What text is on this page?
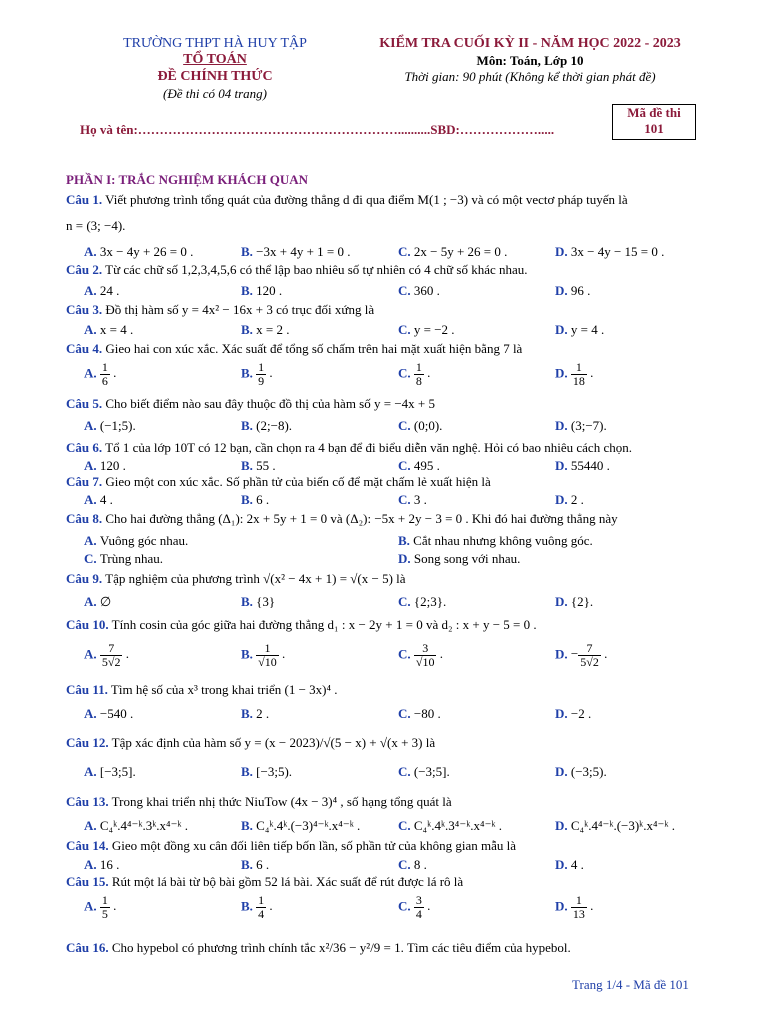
TRƯỜNG THPT HÀ HUY TẬP
TỔ TOÁN
ĐỀ CHÍNH THỨC
(Đề thi có 04 trang)
KIỂM TRA CUỐI KỲ II - NĂM HỌC 2022 - 2023
Môn: Toán, Lớp 10
Thời gian: 90 phút (Không kể thời gian phát đề)
Mã đề thi
101
Họ và tên:……………………………………………………..........SBD:……………….....
PHẦN I: TRẮC NGHIỆM KHÁCH QUAN
Câu 1. Viết phương trình tổng quát của đường thẳng d đi qua điểm M(1 ; −3) và có một vectơ pháp tuyến là
n = (3; −4).
A. 3x − 4y + 26 = 0 .	B. −3x + 4y + 1 = 0 .	C. 2x − 5y + 26 = 0 .	D. 3x − 4y − 15 = 0 .
Câu 2. Từ các chữ số 1,2,3,4,5,6 có thể lập bao nhiêu số tự nhiên có 4 chữ số khác nhau.
A. 24 .	B. 120 .	C. 360 .	D. 96 .
Câu 3. Đồ thị hàm số y = 4x² − 16x + 3 có trục đối xứng là
A. x = 4 .	B. x = 2 .	C. y = −2 .	D. y = 4 .
Câu 4. Gieo hai con xúc xắc. Xác suất để tổng số chấm trên hai mặt xuất hiện bằng 7 là
A. $\frac{1}{6}$ .	B. $\frac{1}{9}$ .	C. $\frac{1}{8}$ .	D. $\frac{1}{18}$ .
Câu 5. Cho biết điểm nào sau đây thuộc đồ thị của hàm số y = −4x + 5
A. (−1;5).	B. (2;−8).	C. (0;0).	D. (3;−7).
Câu 6. Tổ 1 của lớp 10T có 12 bạn, cần chọn ra 4 bạn để đi biểu diễn văn nghệ. Hỏi có bao nhiêu cách chọn.
A. 120 .	B. 55 .	C. 495 .	D. 55440 .
Câu 7. Gieo một con xúc xắc. Số phần tử của biến cố để mặt chấm lẻ xuất hiện là
A. 4 .	B. 6 .	C. 3 .	D. 2 .
Câu 8. Cho hai đường thẳng (Δ₁): 2x + 5y + 1 = 0 và (Δ₂): −5x + 2y − 3 = 0 . Khi đó hai đường thẳng này
A. Vuông góc nhau.	B. Cắt nhau nhưng không vuông góc.
C. Trùng nhau.	D. Song song với nhau.
Câu 9. Tập nghiệm của phương trình √(x² − 4x + 1) = √(x − 5) là
A. ∅	B. {3}	C. {2;3}.	D. {2}.
Câu 10. Tính cosin của góc giữa hai đường thẳng d₁ : x − 2y + 1 = 0 và d₂ : x + y − 5 = 0 .
A. $\frac{7}{5√2}$ .	B. $\frac{1}{√10}$ .	C. $\frac{3}{√10}$ .	D. − $\frac{7}{5√2}$ .
Câu 11. Tìm hệ số của x³ trong khai triển (1 − 3x)⁴ .
A. −540 .	B. 2 .	C. −80 .	D. −2 .
Câu 12. Tập xác định của hàm số y = (x − 2023)/√(5 − x) + √(x + 3) là
A. [−3;5].	B. [−3;5).	C. (−3;5].	D. (−3;5).
Câu 13. Trong khai triển nhị thức NiuTow (4x − 3)⁴ , số hạng tổng quát là
A. C₄ᵏ.4⁴⁻ᵏ.3ᵏ.x⁴⁻ᵏ .	B. C₄ᵏ.4ᵏ.(−3)⁴⁻ᵏ.x⁴⁻ᵏ .	C. C₄ᵏ.4ᵏ.3⁴⁻ᵏ.x⁴⁻ᵏ .	D. C₄ᵏ.4⁴⁻ᵏ.(−3)ᵏ.x⁴⁻ᵏ .
Câu 14. Gieo một đồng xu cân đối liên tiếp bốn lần, số phần tử của không gian mẫu là
A. 16 .	B. 6 .	C. 8 .	D. 4 .
Câu 15. Rút một lá bài từ bộ bài gồm 52 lá bài. Xác suất để rút được lá rô là
A. $\frac{1}{5}$ .	B. $\frac{1}{4}$ .	C. $\frac{3}{4}$ .	D. $\frac{1}{13}$ .
Câu 16. Cho hypebol có phương trình chính tắc x²/36 − y²/9 = 1. Tìm các tiêu điểm của hypebol.
Trang 1/4 - Mã đề 101
